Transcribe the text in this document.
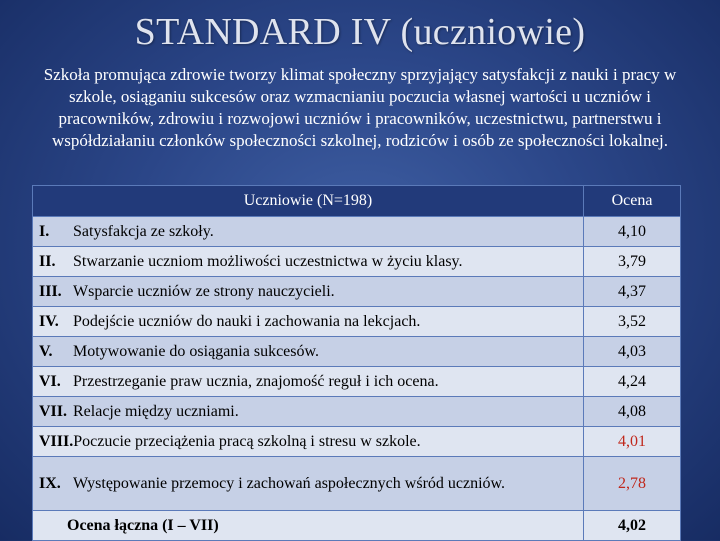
STANDARD IV (uczniowie)
Szkoła promująca zdrowie tworzy klimat społeczny sprzyjający satysfakcji z nauki i pracy w szkole, osiąganiu sukcesów oraz wzmacnianiu poczucia własnej wartości u uczniów i pracowników, zdrowiu i rozwojowi uczniów i pracowników, uczestnictwu, partnerstwu i współdziałaniu członków społeczności szkolnej, rodziców i osób ze społeczności lokalnej.
Uczniowie (N=198)	Ocena
I. Satysfakcja ze szkoły.	4,10
II. Stwarzanie uczniom możliwości uczestnictwa w życiu klasy.	3,79
III. Wsparcie uczniów ze strony nauczycieli.	4,37
IV. Podejście uczniów do nauki i zachowania na lekcjach.	3,52
V. Motywowanie do osiągania sukcesów.	4,03
VI. Przestrzeganie praw ucznia, znajomość reguł i ich ocena.	4,24
VII. Relacje między uczniami.	4,08
VIII.Poczucie przeciążenia pracą szkolną i stresu w szkole.	4,01
IX. Występowanie przemocy i zachowań aspołecznych wśród uczniów.	2,78
Ocena łączna (I – VII)	4,02
